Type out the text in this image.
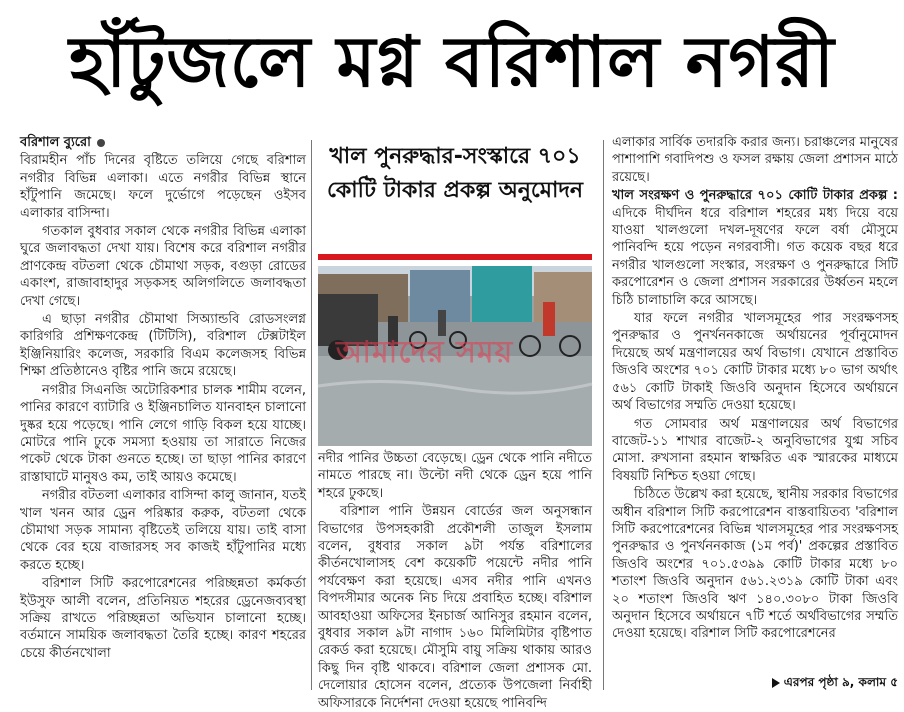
হাঁটুজলে মগ্ন বরিশাল নগরী

বরিশাল ব্যুরো

বিরামহীন পাঁচ দিনের বৃষ্টিতে তলিয়ে গেছে বরিশাল নগরীর বিভিন্ন এলাকা। এতে নগরীর বিভিন্ন স্থানে হাঁটুপানি জমেছে। ফলে দুর্ভোগে পড়েছেন ওইসব এলাকার বাসিন্দা।

গতকাল বুধবার সকাল থেকে নগরীর বিভিন্ন এলাকা ঘুরে জলাবদ্ধতা দেখা যায়। বিশেষ করে বরিশাল নগরীর প্রাণকেন্দ্র বটতলা থেকে চৌমাথা সড়ক, বগুড়া রোডের একাংশ, রাজাবাহাদুর সড়কসহ অলিগলিতে জলাবদ্ধতা দেখা গেছে।

এ ছাড়া নগরীর চৌমাথা সিঅ্যান্ডবি রোডসংলগ্ন কারিগরি প্রশিক্ষণকেন্দ্র (টিটিসি), বরিশাল টেক্সটাইল ইঞ্জিনিয়ারিং কলেজ, সরকারি বিএম কলেজসহ বিভিন্ন শিক্ষা প্রতিষ্ঠানেও বৃষ্টির পানি জমে রয়েছে।

নগরীর সিএনজি অটোরিকশার চালক শামীম বলেন, পানির কারণে ব্যাটারি ও ইঞ্জিনচালিত যানবাহন চালানো দুষ্কর হয়ে পড়েছে। পানি লেগে গাড়ি বিকল হয়ে যাচ্ছে। মোটরে পানি ঢুকে সমস্যা হওয়ায় তা সারাতে নিজের পকেট থেকে টাকা গুনতে হচ্ছে। তা ছাড়া পানির কারণে রাস্তাঘাটে মানুষও কম, তাই আয়ও কমেছে।

নগরীর বটতলা এলাকার বাসিন্দা কালু জানান, যতই খাল খনন আর ড্রেন পরিষ্কার করুক, বটতলা থেকে চৌমাথা সড়ক সামান্য বৃষ্টিতেই তলিয়ে যায়। তাই বাসা থেকে বের হয়ে বাজারসহ সব কাজই হাঁটুপানির মধ্যে করতে হচ্ছে।

বরিশাল সিটি করপোরেশনের পরিচ্ছন্নতা কর্মকর্তা ইউসুফ আলী বলেন, প্রতিনিয়ত শহরের ড্রেনেজব্যবস্থা সক্রিয় রাখতে পরিচ্ছন্নতা অভিযান চালানো হচ্ছে। বর্তমানে সাময়িক জলাবদ্ধতা তৈরি হচ্ছে। কারণ শহরের চেয়ে কীর্তনখোলা

খাল পুনরুদ্ধার-সংস্কারে ৭০১ কোটি টাকার প্রকল্প অনুমোদন
আমাদের সময়

নদীর পানির উচ্চতা বেড়েছে। ড্রেন থেকে পানি নদীতে নামতে পারছে না। উল্টো নদী থেকে ড্রেন হয়ে পানি শহরে ঢুকছে।

বরিশাল পানি উন্নয়ন বোর্ডের জল অনুসন্ধান বিভাগের উপসহকারী প্রকৌশলী তাজুল ইসলাম বলেন, বুধবার সকাল ৯টা পর্যন্ত বরিশালের কীর্তনখোলাসহ বেশ কয়েকটি পয়েন্টে নদীর পানি পর্যবেক্ষণ করা হয়েছে। এসব নদীর পানি এখনও বিপদসীমার অনেক নিচ দিয়ে প্রবাহিত হচ্ছে। বরিশাল আবহাওয়া অফিসের ইনচার্জ আনিসুর রহমান বলেন, বুধবার সকাল ৯টা নাগাদ ১৬০ মিলিমিটার বৃষ্টিপাত রেকর্ড করা হয়েছে। মৌসুমি বায়ু সক্রিয় থাকায় আরও কিছু দিন বৃষ্টি থাকবে। বরিশাল জেলা প্রশাসক মো. দেলোয়ার হোসেন বলেন, প্রত্যেক উপজেলা নির্বাহী অফিসারকে নির্দেশনা দেওয়া হয়েছে পানিবন্দি

এলাকার সার্বিক তদারকি করার জন্য। চরাঞ্চলের মানুষের পাশাপাশি গবাদিপশু ও ফসল রক্ষায় জেলা প্রশাসন মাঠে রয়েছে।

খাল সংরক্ষণ ও পুনরুদ্ধারে ৭০১ কোটি টাকার প্রকল্প : এদিকে দীর্ঘদিন ধরে বরিশাল শহরের মধ্য দিয়ে বয়ে যাওয়া খালগুলো দখল-দূষণের ফলে বর্ষা মৌসুমে পানিবন্দি হয়ে পড়েন নগরবাসী। গত কয়েক বছর ধরে নগরীর খালগুলো সংস্কার, সংরক্ষণ ও পুনরুদ্ধারে সিটি করপোরেশন ও জেলা প্রশাসন সরকারের উর্ধ্বতন মহলে চিঠি চালাচালি করে আসছে।

যার ফলে নগরীর খালসমূহের পার সংরক্ষণসহ পুনরুদ্ধার ও পুনর্খননকাজে অর্থায়নের পূর্বানুমোদন দিয়েছে অর্থ মন্ত্রণালয়ের অর্থ বিভাগ। যেখানে প্রস্তাবিত জিওবি অংশের ৭০১ কোটি টাকার মধ্যে ৮০ ভাগ অর্থাৎ ৫৬১ কোটি টাকাই জিওবি অনুদান হিসেবে অর্থায়নে অর্থ বিভাগের সম্মতি দেওয়া হয়েছে।

গত সোমবার অর্থ মন্ত্রণালয়ের অর্থ বিভাগের বাজেট-১১ শাখার বাজেট-২ অনুবিভাগের যুগ্ম সচিব মোসা. রুখসানা রহমান স্বাক্ষরিত এক স্মারকের মাধ্যমে বিষয়টি নিশ্চিত হওয়া গেছে।

চিঠিতে উল্লেখ করা হয়েছে, স্থানীয় সরকার বিভাগের অধীন বরিশাল সিটি করপোরেশন বাস্তবায়িতব্য 'বরিশাল সিটি করপোরেশনের বিভিন্ন খালসমূহের পার সংরক্ষণসহ পুনরুদ্ধার ও পুনর্খননকাজ (১ম পর্ব)' প্রকল্পের প্রস্তাবিত জিওবি অংশের ৭০১.৫৩৯৯ কোটি টাকার মধ্যে ৮০ শতাংশ জিওবি অনুদান ৫৬১.২৩১৯ কোটি টাকা এবং ২০ শতাংশ জিওবি ঋণ ১৪০.৩০৮০ টাকা জিওবি অনুদান হিসেবে অর্থায়নে ৭টি শর্তে অর্থবিভাগের সম্মতি দেওয়া হয়েছে। বরিশাল সিটি করপোরেশনের

এরপর পৃষ্ঠা ৯, কলাম ৫
